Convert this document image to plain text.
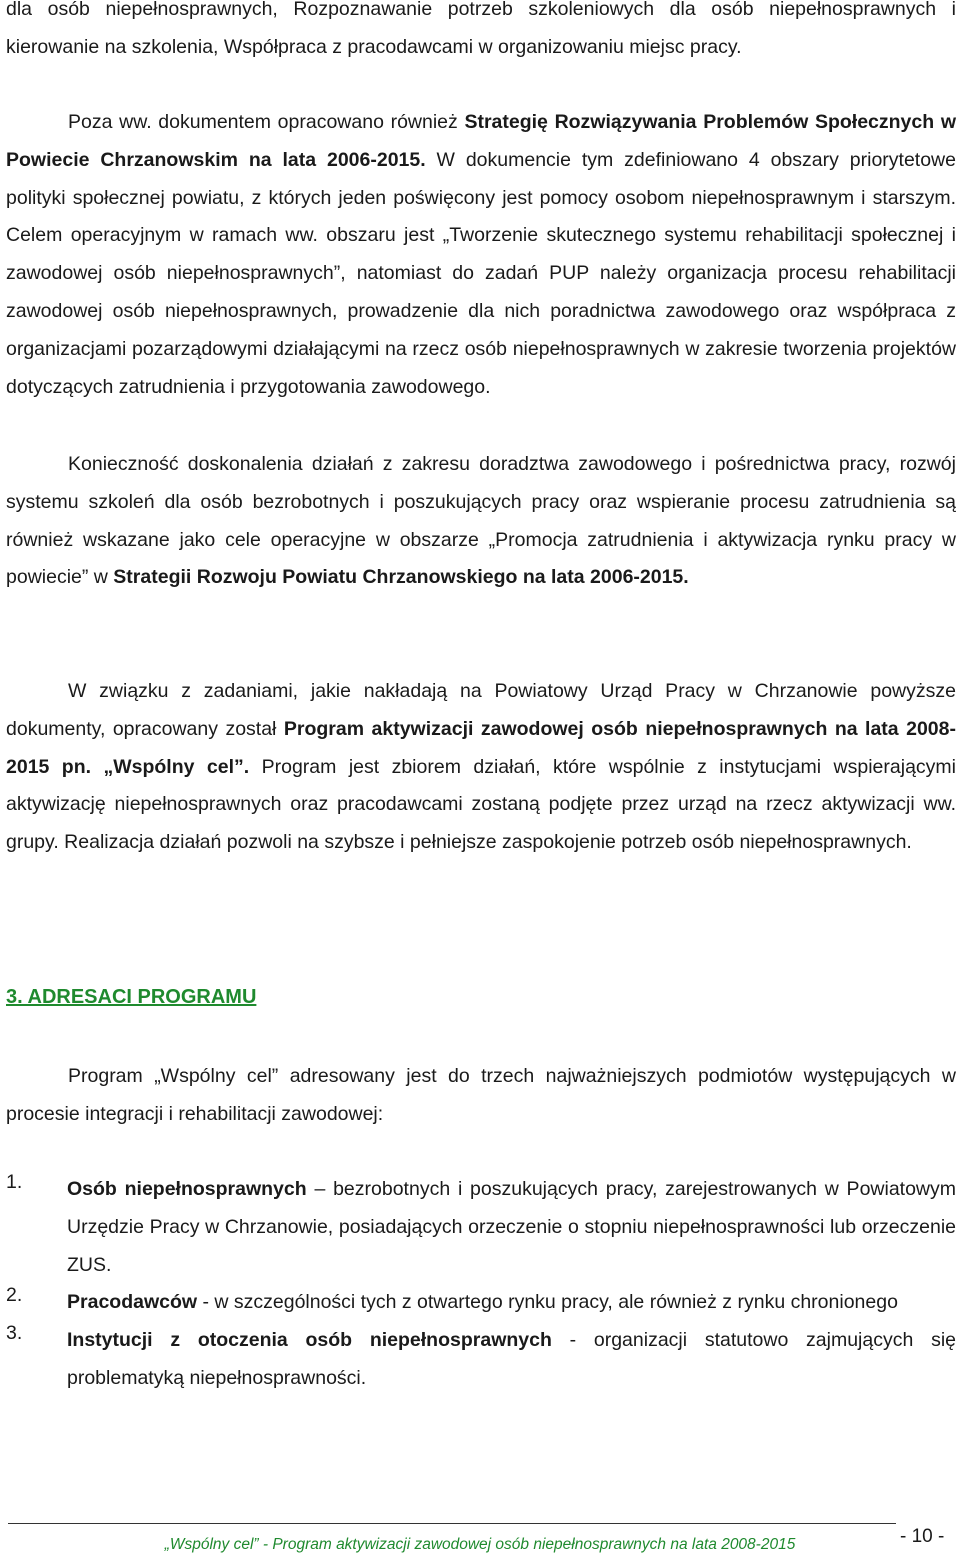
dla osób niepełnosprawnych, Rozpoznawanie potrzeb szkoleniowych dla osób niepełnosprawnych i kierowanie na szkolenia, Współpraca z pracodawcami w organizowaniu miejsc pracy.

Poza ww. dokumentem opracowano również Strategię Rozwiązywania Problemów Społecznych w Powiecie Chrzanowskim na lata 2006-2015. W dokumencie tym zdefiniowano 4 obszary priorytetowe polityki społecznej powiatu, z których jeden poświęcony jest pomocy osobom niepełnosprawnym i starszym. Celem operacyjnym w ramach ww. obszaru jest „Tworzenie skutecznego systemu rehabilitacji społecznej i zawodowej osób niepełnosprawnych”, natomiast do zadań PUP należy organizacja procesu rehabilitacji zawodowej osób niepełnosprawnych, prowadzenie dla nich poradnictwa zawodowego oraz współpraca z organizacjami pozarządowymi działającymi na rzecz osób niepełnosprawnych w zakresie tworzenia projektów dotyczących zatrudnienia i przygotowania zawodowego.

Konieczność doskonalenia działań z zakresu doradztwa zawodowego i pośrednictwa pracy, rozwój systemu szkoleń dla osób bezrobotnych i poszukujących pracy oraz wspieranie procesu zatrudnienia są również wskazane jako cele operacyjne w obszarze „Promocja zatrudnienia i aktywizacja rynku pracy w powiecie” w Strategii Rozwoju Powiatu Chrzanowskiego na lata 2006-2015.

W związku z zadaniami, jakie nakładają na Powiatowy Urząd Pracy w Chrzanowie powyższe dokumenty, opracowany został Program aktywizacji zawodowej osób niepełnosprawnych na lata 2008-2015 pn. „Wspólny cel”. Program jest zbiorem działań, które wspólnie z instytucjami wspierającymi aktywizację niepełnosprawnych oraz pracodawcami zostaną podjęte przez urząd na rzecz aktywizacji ww. grupy. Realizacja działań pozwoli na szybsze i pełniejsze zaspokojenie potrzeb osób niepełnosprawnych.

3. ADRESACI PROGRAMU

Program „Wspólny cel” adresowany jest do trzech najważniejszych podmiotów występujących w procesie integracji i rehabilitacji zawodowej:

1. Osób niepełnosprawnych – bezrobotnych i poszukujących pracy, zarejestrowanych w Powiatowym Urzędzie Pracy w Chrzanowie, posiadających orzeczenie o stopniu niepełnosprawności lub orzeczenie ZUS.

2. Pracodawców - w szczególności tych z otwartego rynku pracy, ale również z rynku chronionego

3. Instytucji z otoczenia osób niepełnosprawnych - organizacji statutowo zajmujących się problematyką niepełnosprawności.

- 10 -
„Wspólny cel” - Program aktywizacji zawodowej osób niepełnosprawnych na lata 2008-2015
